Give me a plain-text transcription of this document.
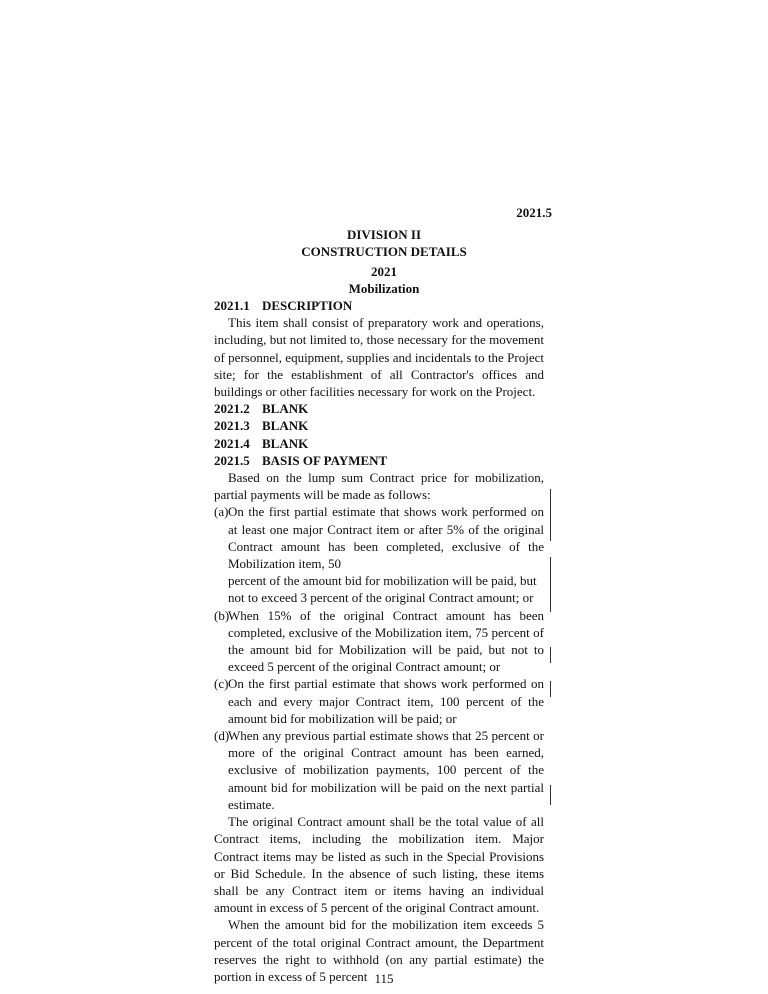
2021.5
DIVISION II
CONSTRUCTION DETAILS
2021
Mobilization
2021.1 DESCRIPTION

This item shall consist of preparatory work and operations, including, but not limited to, those necessary for the movement of personnel, equipment, supplies and incidentals to the Project site; for the establishment of all Contractor's offices and buildings or other facilities necessary for work on the Project.

2021.2 BLANK
2021.3 BLANK
2021.4 BLANK
2021.5 BASIS OF PAYMENT

Based on the lump sum Contract price for mobilization, partial payments will be made as follows:

(a)On the first partial estimate that shows work performed on at least one major Contract item or after 5% of the original Contract amount has been completed, exclusive of the Mobilization item, 50
percent of the amount bid for mobilization will be paid, but not to exceed 3 percent of the original Contract amount; or
(b)When 15% of the original Contract amount has been completed, exclusive of the Mobilization item, 75 percent of the amount bid for Mobilization will be paid, but not to exceed 5 percent of the original Contract amount; or
(c)On the first partial estimate that shows work performed on each and every major Contract item, 100 percent of the amount bid for mobilization will be paid; or
(d)When any previous partial estimate shows that 25 percent or more of the original Contract amount has been earned, exclusive of mobilization payments, 100 percent of the amount bid for mobilization will be paid on the next partial estimate.

The original Contract amount shall be the total value of all Contract items, including the mobilization item. Major Contract items may be listed as such in the Special Provisions or Bid Schedule. In the absence of such listing, these items shall be any Contract item or items having an individual amount in excess of 5 percent of the original Contract amount.

When the amount bid for the mobilization item exceeds 5 percent of the total original Contract amount, the Department reserves the right to withhold (on any partial estimate) the portion in excess of 5 percent 115
